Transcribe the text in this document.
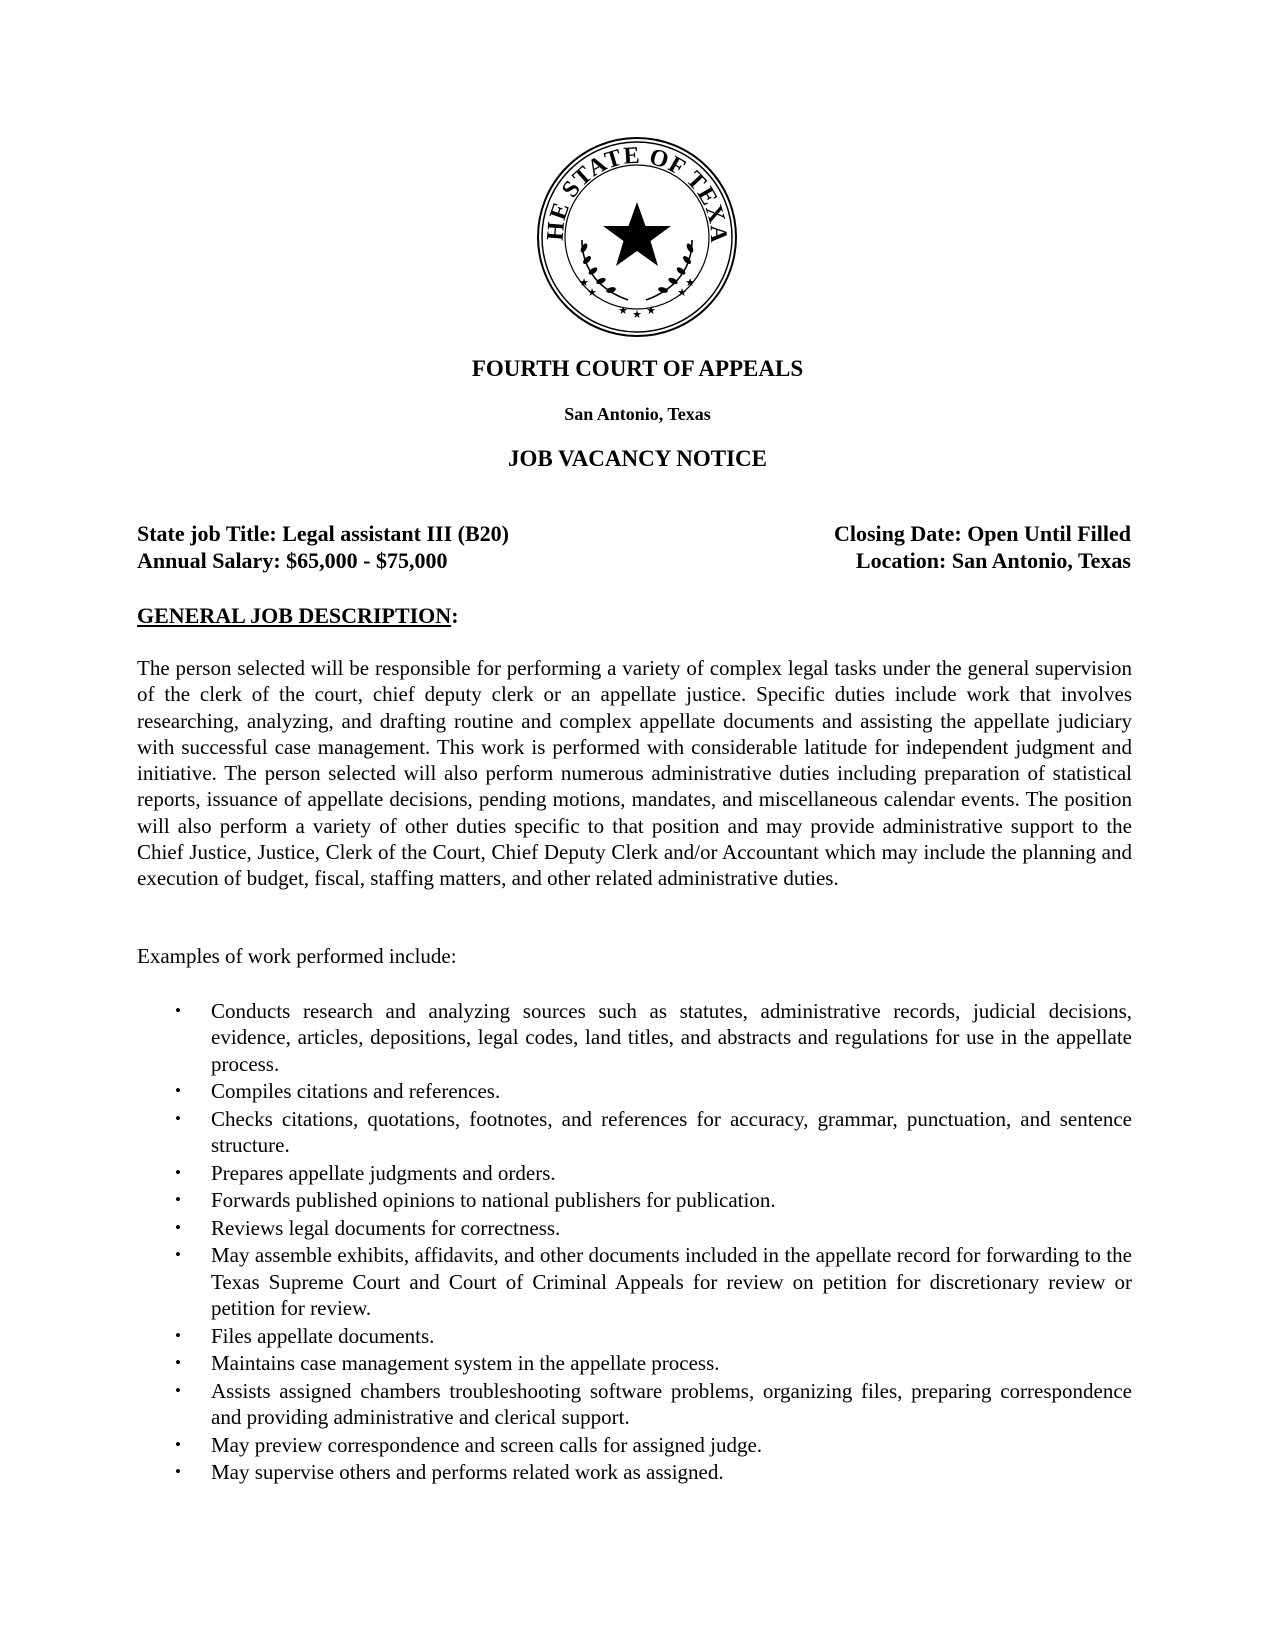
HE STATE OF TEXA
★
★
★ ★ ★
★
★
FOURTH COURT OF APPEALS
San Antonio, Texas
JOB VACANCY NOTICE
State job Title: Legal assistant III (B20)	Closing Date: Open Until Filled
Annual Salary: $65,000 - $75,000	Location: San Antonio, Texas
GENERAL JOB DESCRIPTION:

The person selected will be responsible for performing a variety of complex legal tasks under the general supervision of the clerk of the court, chief deputy clerk or an appellate justice. Specific duties include work that involves researching, analyzing, and drafting routine and complex appellate documents and assisting the appellate judiciary with successful case management. This work is performed with considerable latitude for independent judgment and initiative. The person selected will also perform numerous administrative duties including preparation of statistical reports, issuance of appellate decisions, pending motions, mandates, and miscellaneous calendar events. The position will also perform a variety of other duties specific to that position and may provide administrative support to the Chief Justice, Justice, Clerk of the Court, Chief Deputy Clerk and/or Accountant which may include the planning and execution of budget, fiscal, staffing matters, and other related administrative duties.

Examples of work performed include:
• Conducts research and analyzing sources such as statutes, administrative records, judicial decisions, evidence, articles, depositions, legal codes, land titles, and abstracts and regulations for use in the appellate process.
• Compiles citations and references.
• Checks citations, quotations, footnotes, and references for accuracy, grammar, punctuation, and sentence structure.
• Prepares appellate judgments and orders.
• Forwards published opinions to national publishers for publication.
• Reviews legal documents for correctness.
• May assemble exhibits, affidavits, and other documents included in the appellate record for forwarding to the Texas Supreme Court and Court of Criminal Appeals for review on petition for discretionary review or petition for review.
• Files appellate documents.
• Maintains case management system in the appellate process.
• Assists assigned chambers troubleshooting software problems, organizing files, preparing correspondence and providing administrative and clerical support.
• May preview correspondence and screen calls for assigned judge.
• May supervise others and performs related work as assigned.
